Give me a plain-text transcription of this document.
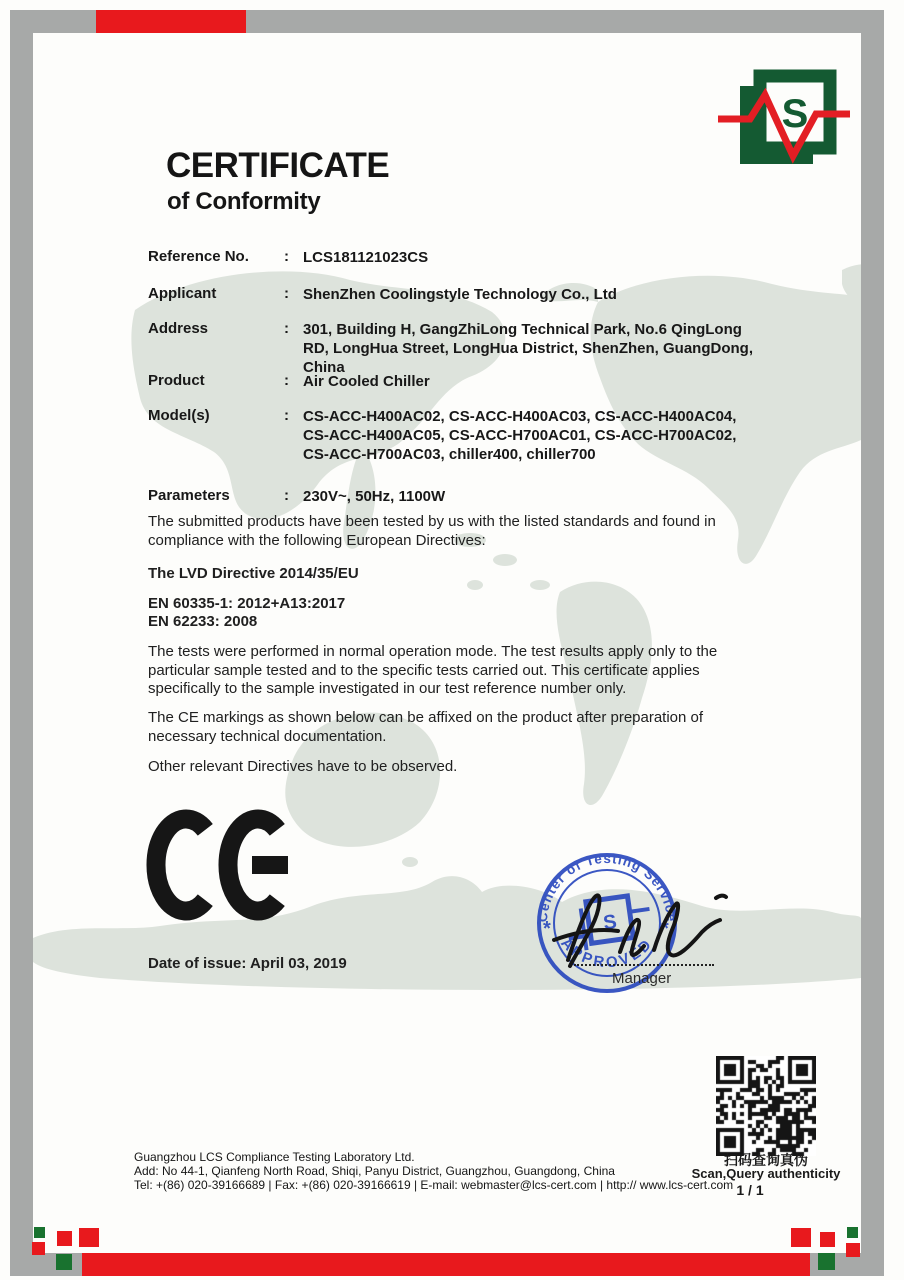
S
CERTIFICATE
of Conformity
Reference No. : LCS181121023CS
Applicant	: ShenZhen Coolingstyle Technology Co., Ltd
Address	: 301, Building H, GangZhiLong Technical Park, No.6 QingLong RD, LongHua Street, LongHua District, ShenZhen, GuangDong, China
Product	: Air Cooled Chiller
Model(s)	: CS-ACC-H400AC02, CS-ACC-H400AC03, CS-ACC-H400AC04, CS-ACC-H400AC05, CS-ACC-H700AC01, CS-ACC-H700AC02, CS-ACC-H700AC03, chiller400, chiller700
Parameters	: 230V~, 50Hz, 1100W
The submitted products have been tested by us with the listed standards and found in compliance with the following European Directives:
The LVD Directive 2014/35/EU
EN 60335-1: 2012+A13:2017
EN 62233: 2008
The tests were performed in normal operation mode. The test results apply only to the particular sample tested and to the specific tests carried out. This certificate applies specifically to the sample investigated in our test reference number only.
The CE markings as shown below can be affixed on the product after preparation of necessary technical documentation.
Other relevant Directives have to be observed.
Date of issue: April 03, 2019
Center of Testing Service
APPROVED
*	*
S
Manager
扫码查询真伪
Scan,Query authenticity
1 / 1
Guangzhou LCS Compliance Testing Laboratory Ltd.
Add: No 44-1, Qianfeng North Road, Shiqi, Panyu District, Guangzhou, Guangdong, China
Tel: +(86) 020-39166689 | Fax: +(86) 020-39166619 | E-mail: webmaster@lcs-cert.com | http:// www.lcs-cert.com
